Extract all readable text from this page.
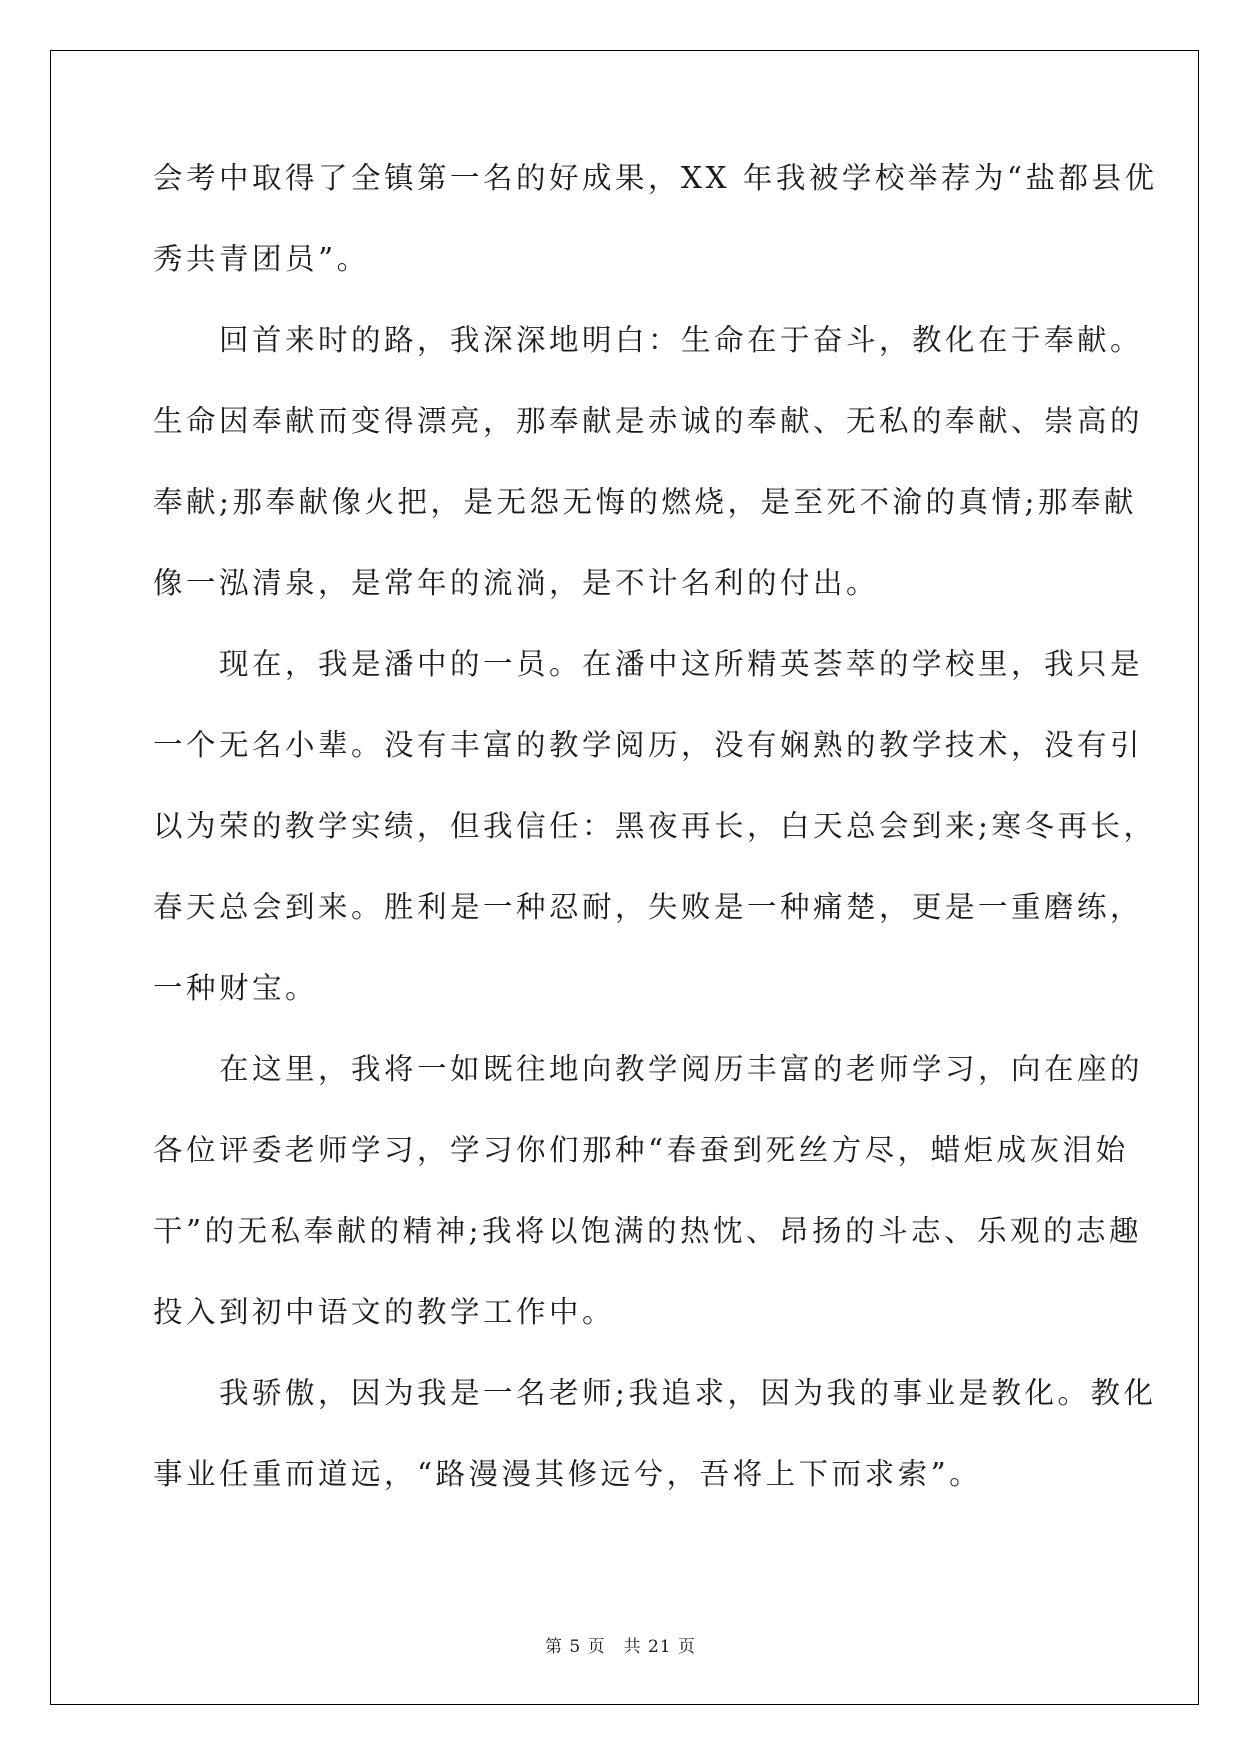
会考中取得了全镇第一名的好成果，XX 年我被学校举荐为“盐都县优
秀共青团员”。
　　回首来时的路，我深深地明白：生命在于奋斗，教化在于奉献。
生命因奉献而变得漂亮，那奉献是赤诚的奉献、无私的奉献、崇高的
奉献;那奉献像火把，是无怨无悔的燃烧，是至死不渝的真情;那奉献
像一泓清泉，是常年的流淌，是不计名利的付出。
　　现在，我是潘中的一员。在潘中这所精英荟萃的学校里，我只是
一个无名小辈。没有丰富的教学阅历，没有娴熟的教学技术，没有引
以为荣的教学实绩，但我信任：黑夜再长，白天总会到来;寒冬再长，
春天总会到来。胜利是一种忍耐，失败是一种痛楚，更是一重磨练，
一种财宝。
　　在这里，我将一如既往地向教学阅历丰富的老师学习，向在座的
各位评委老师学习，学习你们那种“春蚕到死丝方尽，蜡炬成灰泪始
干”的无私奉献的精神;我将以饱满的热忱、昂扬的斗志、乐观的志趣
投入到初中语文的教学工作中。
　　我骄傲，因为我是一名老师;我追求，因为我的事业是教化。教化
事业任重而道远，“路漫漫其修远兮，吾将上下而求索”。
第 5 页　共 21 页
